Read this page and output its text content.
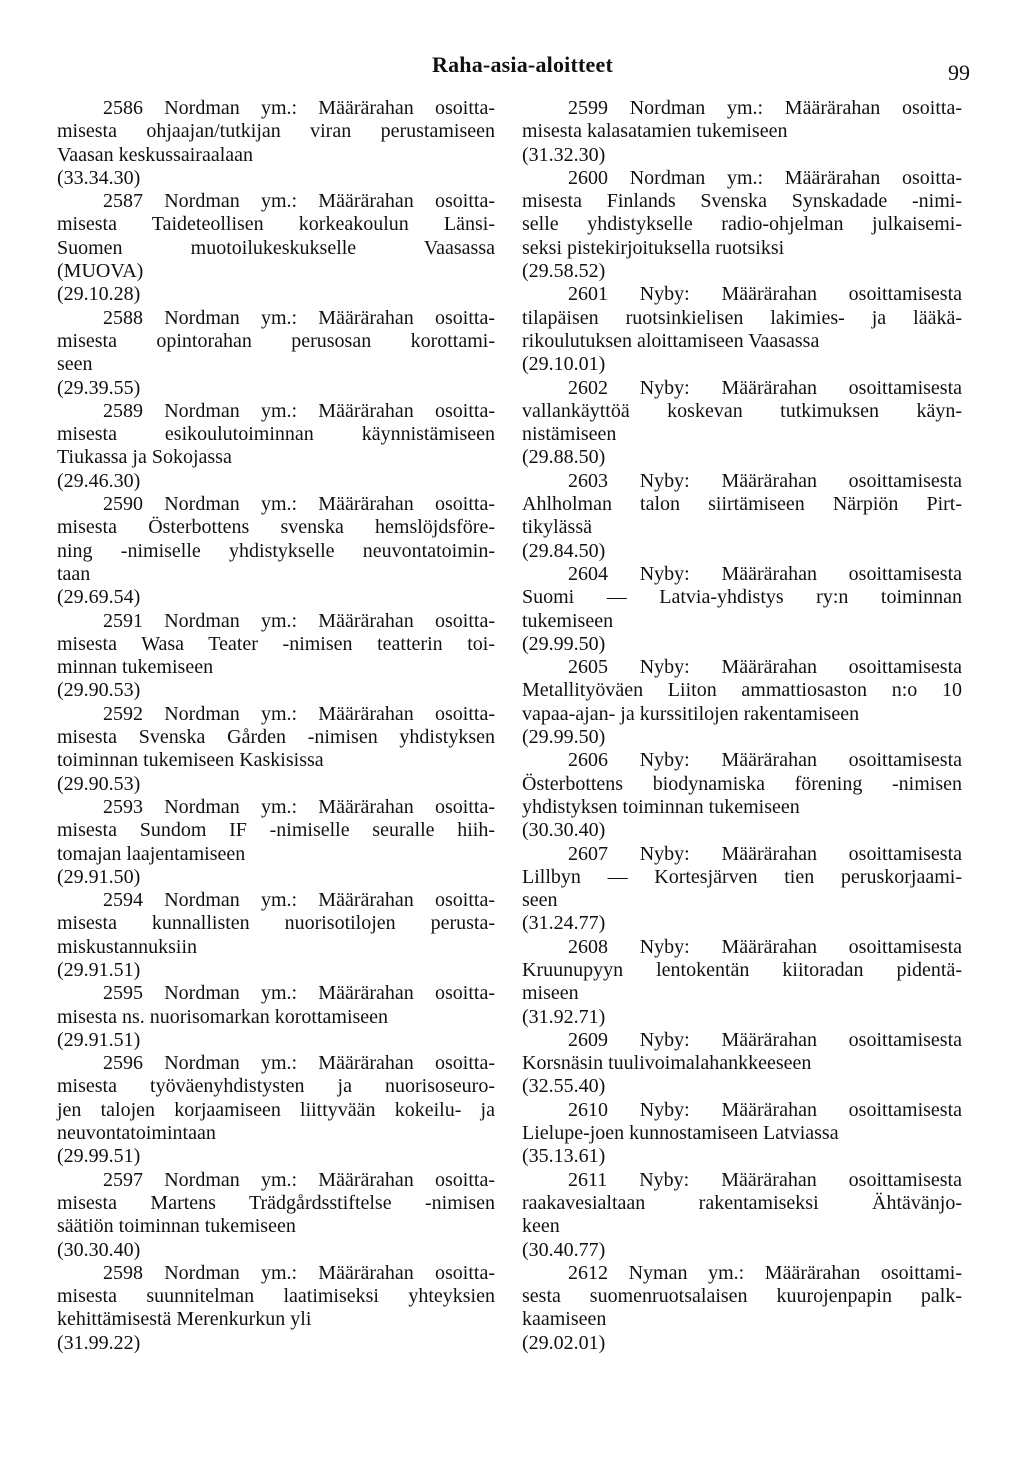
Raha-asia-aloitteet	99
2586 Nordman ym.: Määrärahan osoitta-
misesta ohjaajan/tutkijan viran perustamiseen
Vaasan keskussairaalaan
(33.34.30)
2587 Nordman ym.: Määrärahan osoitta-
misesta Taideteollisen korkeakoulun Länsi-
Suomen muotoilukeskukselle Vaasassa
(MUOVA)
(29.10.28)
2588 Nordman ym.: Määrärahan osoitta-
misesta opintorahan perusosan korottami-
seen
(29.39.55)
2589 Nordman ym.: Määrärahan osoitta-
misesta esikoulutoiminnan käynnistämiseen
Tiukassa ja Sokojassa
(29.46.30)
2590 Nordman ym.: Määrärahan osoitta-
misesta Österbottens svenska hemslöjdsföre-
ning -nimiselle yhdistykselle neuvontatoimin-
taan
(29.69.54)
2591 Nordman ym.: Määrärahan osoitta-
misesta Wasa Teater -nimisen teatterin toi-
minnan tukemiseen
(29.90.53)
2592 Nordman ym.: Määrärahan osoitta-
misesta Svenska Gården -nimisen yhdistyksen
toiminnan tukemiseen Kaskisissa
(29.90.53)
2593 Nordman ym.: Määrärahan osoitta-
misesta Sundom IF -nimiselle seuralle hiih-
tomajan laajentamiseen
(29.91.50)
2594 Nordman ym.: Määrärahan osoitta-
misesta kunnallisten nuorisotilojen perusta-
miskustannuksiin
(29.91.51)
2595 Nordman ym.: Määrärahan osoitta-
misesta ns. nuorisomarkan korottamiseen
(29.91.51)
2596 Nordman ym.: Määrärahan osoitta-
misesta työväenyhdistysten ja nuorisoseuro-
jen talojen korjaamiseen liittyvään kokeilu- ja
neuvontatoimintaan
(29.99.51)
2597 Nordman ym.: Määrärahan osoitta-
misesta Martens Trädgårdsstiftelse -nimisen
säätiön toiminnan tukemiseen
(30.30.40)
2598 Nordman ym.: Määrärahan osoitta-
misesta suunnitelman laatimiseksi yhteyksien
kehittämisestä Merenkurkun yli
(31.99.22)
2599 Nordman ym.: Määrärahan osoitta-
misesta kalasatamien tukemiseen
(31.32.30)
2600 Nordman ym.: Määrärahan osoitta-
misesta Finlands Svenska Synskadade -nimi-
selle yhdistykselle radio-ohjelman julkaisemi-
seksi pistekirjoituksella ruotsiksi
(29.58.52)
2601 Nyby: Määrärahan osoittamisesta
tilapäisen ruotsinkielisen lakimies- ja lääkä-
rikoulutuksen aloittamiseen Vaasassa
(29.10.01)
2602 Nyby: Määrärahan osoittamisesta
vallankäyttöä koskevan tutkimuksen käyn-
nistämiseen
(29.88.50)
2603 Nyby: Määrärahan osoittamisesta
Ahlholman talon siirtämiseen Närpiön Pirt-
tikylässä
(29.84.50)
2604 Nyby: Määrärahan osoittamisesta
Suomi — Latvia-yhdistys ry:n toiminnan
tukemiseen
(29.99.50)
2605 Nyby: Määrärahan osoittamisesta
Metallityöväen Liiton ammattiosaston n:o 10
vapaa-ajan- ja kurssitilojen rakentamiseen
(29.99.50)
2606 Nyby: Määrärahan osoittamisesta
Österbottens biodynamiska förening -nimisen
yhdistyksen toiminnan tukemiseen
(30.30.40)
2607 Nyby: Määrärahan osoittamisesta
Lillbyn — Kortesjärven tien peruskorjaami-
seen
(31.24.77)
2608 Nyby: Määrärahan osoittamisesta
Kruunupyyn lentokentän kiitoradan pidentä-
miseen
(31.92.71)
2609 Nyby: Määrärahan osoittamisesta
Korsnäsin tuulivoimalahankkeeseen
(32.55.40)
2610 Nyby: Määrärahan osoittamisesta
Lielupe-joen kunnostamiseen Latviassa
(35.13.61)
2611 Nyby: Määrärahan osoittamisesta
raakavesialtaan rakentamiseksi Ähtävänjo-
keen
(30.40.77)
2612 Nyman ym.: Määrärahan osoittami-
sesta suomenruotsalaisen kuurojenpapin palk-
kaamiseen
(29.02.01)
